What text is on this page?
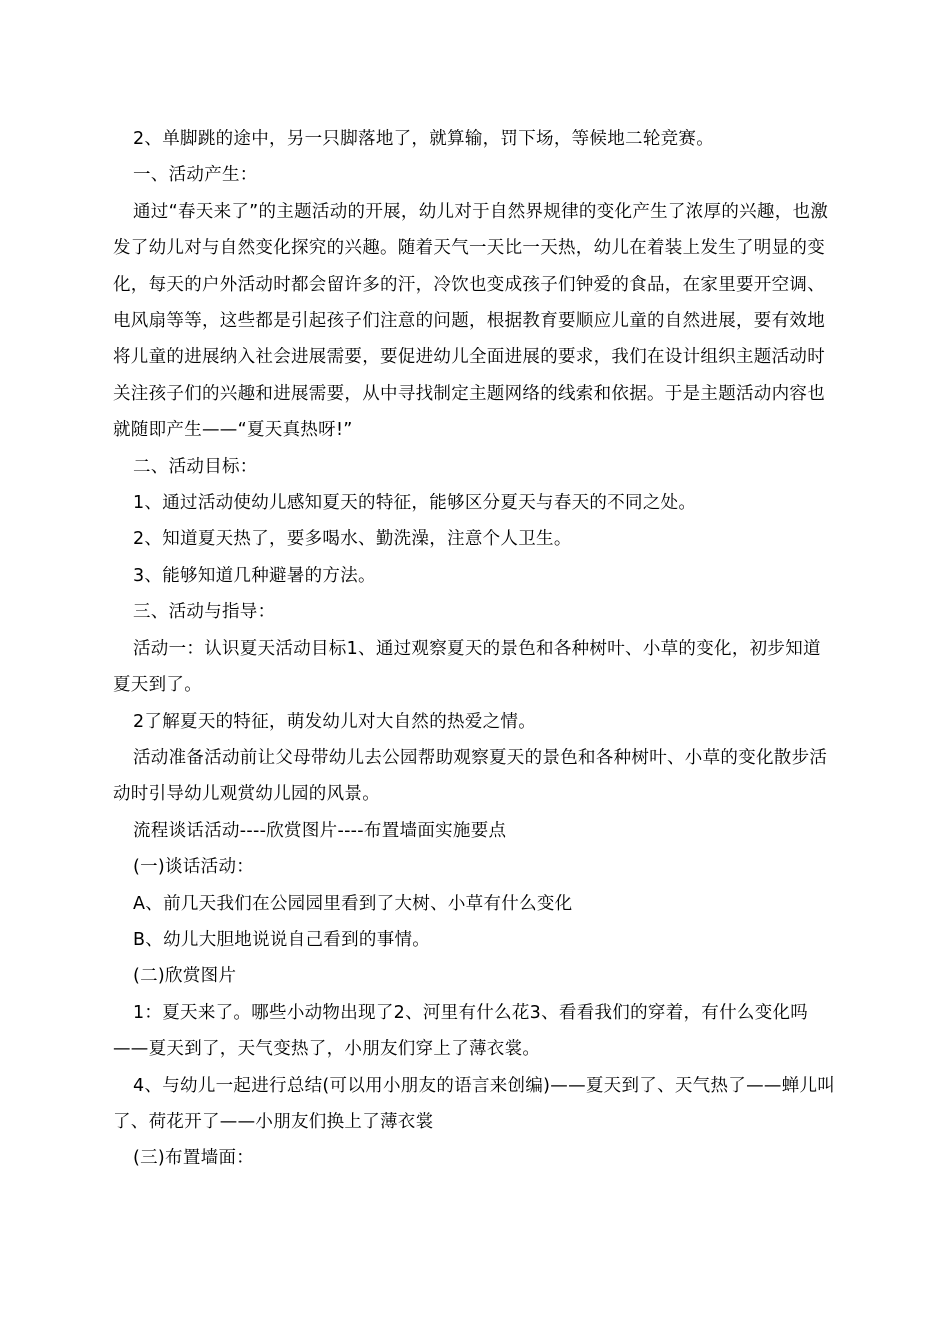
2、单脚跳的途中，另一只脚落地了，就算输，罚下场，等候地二轮竞赛。

一、活动产生：

通过“春天来了”的主题活动的开展，幼儿对于自然界规律的变化产生了浓厚的兴趣，也激发了幼儿对与自然变化探究的兴趣。随着天气一天比一天热，幼儿在着装上发生了明显的变化，每天的户外活动时都会留许多的汗，冷饮也变成孩子们钟爱的食品，在家里要开空调、电风扇等等，这些都是引起孩子们注意的问题，根据教育要顺应儿童的自然进展，要有效地将儿童的进展纳入社会进展需要，要促进幼儿全面进展的要求，我们在设计组织主题活动时关注孩子们的兴趣和进展需要，从中寻找制定主题网络的线索和依据。于是主题活动内容也就随即产生——“夏天真热呀!”

二、活动目标：

1、通过活动使幼儿感知夏天的特征，能够区分夏天与春天的不同之处。

2、知道夏天热了，要多喝水、勤洗澡，注意个人卫生。

3、能够知道几种避暑的方法。

三、活动与指导：

活动一：认识夏天活动目标1、通过观察夏天的景色和各种树叶、小草的变化，初步知道夏天到了。

2了解夏天的特征，萌发幼儿对大自然的热爱之情。

活动准备活动前让父母带幼儿去公园帮助观察夏天的景色和各种树叶、小草的变化散步活动时引导幼儿观赏幼儿园的风景。

流程谈话活动----欣赏图片----布置墙面实施要点

(一)谈话活动：

A、前几天我们在公园园里看到了大树、小草有什么变化

B、幼儿大胆地说说自己看到的事情。

(二)欣赏图片

1：夏天来了。哪些小动物出现了2、河里有什么花3、看看我们的穿着，有什么变化吗——夏天到了，天气变热了，小朋友们穿上了薄衣裳。

4、与幼儿一起进行总结(可以用小朋友的语言来创编)——夏天到了、天气热了——蝉儿叫了、荷花开了——小朋友们换上了薄衣裳

(三)布置墙面：
